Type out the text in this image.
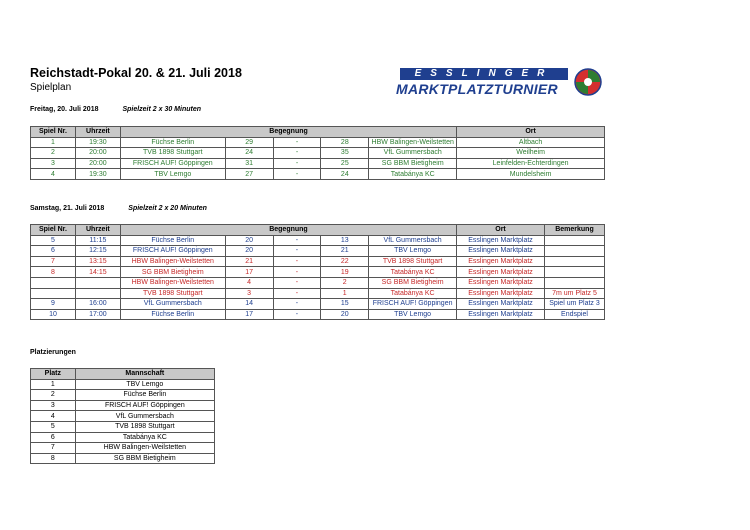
Reichstadt-Pokal 20. & 21. Juli 2018
Spielplan
ESSLINGER
MARKTPLATZTURNIER
Freitag, 20. Juli 2018	Spielzeit 2 x 30 Minuten
Spiel Nr.	Uhrzeit	Begegnung					Ort
1	19:30	Füchse Berlin	29	-	28	HBW Balingen-Weilstetten	Altbach
2	20:00	TVB 1898 Stuttgart	24	-	35	VfL Gummersbach	Weilheim
3	20:00	FRISCH AUF! Göppingen	31	-	25	SG BBM Bietigheim	Leinfelden-Echterdingen
4	19:30	TBV Lemgo	27	-	24	Tatabánya KC	Mundelsheim
Samstag, 21. Juli 2018	Spielzeit 2 x 20 Minuten
Spiel Nr.	Uhrzeit	Begegnung					Ort	Bemerkung
5	11:15	Füchse Berlin	20	-	13	VfL Gummersbach	Esslingen Marktplatz	
6	12:15	FRISCH AUF! Göppingen	20	-	21	TBV Lemgo	Esslingen Marktplatz	
7	13:15	HBW Balingen-Weilstetten	21	-	22	TVB 1898 Stuttgart	Esslingen Marktplatz	
8	14:15	SG BBM Bietigheim	17	-	19	Tatabánya KC	Esslingen Marktplatz	
		HBW Balingen-Weilstetten	4	-	2	SG BBM Bietigheim	Esslingen Marktplatz	
		TVB 1898 Stuttgart	3	-	1	Tatabánya KC	Esslingen Marktplatz	7m um Platz 5
9	16:00	VfL Gummersbach	14	-	15	FRISCH AUF! Göppingen	Esslingen Marktplatz	Spiel um Platz 3
10	17:00	Füchse Berlin	17	-	20	TBV Lemgo	Esslingen Marktplatz	Endspiel
Platzierungen
Platz	Mannschaft
1	TBV Lemgo
2	Füchse Berlin
3	FRISCH AUF! Göppingen
4	VfL Gummersbach
5	TVB 1898 Stuttgart
6	Tatabánya KC
7	HBW Balingen-Weilstetten
8	SG BBM Bietigheim
